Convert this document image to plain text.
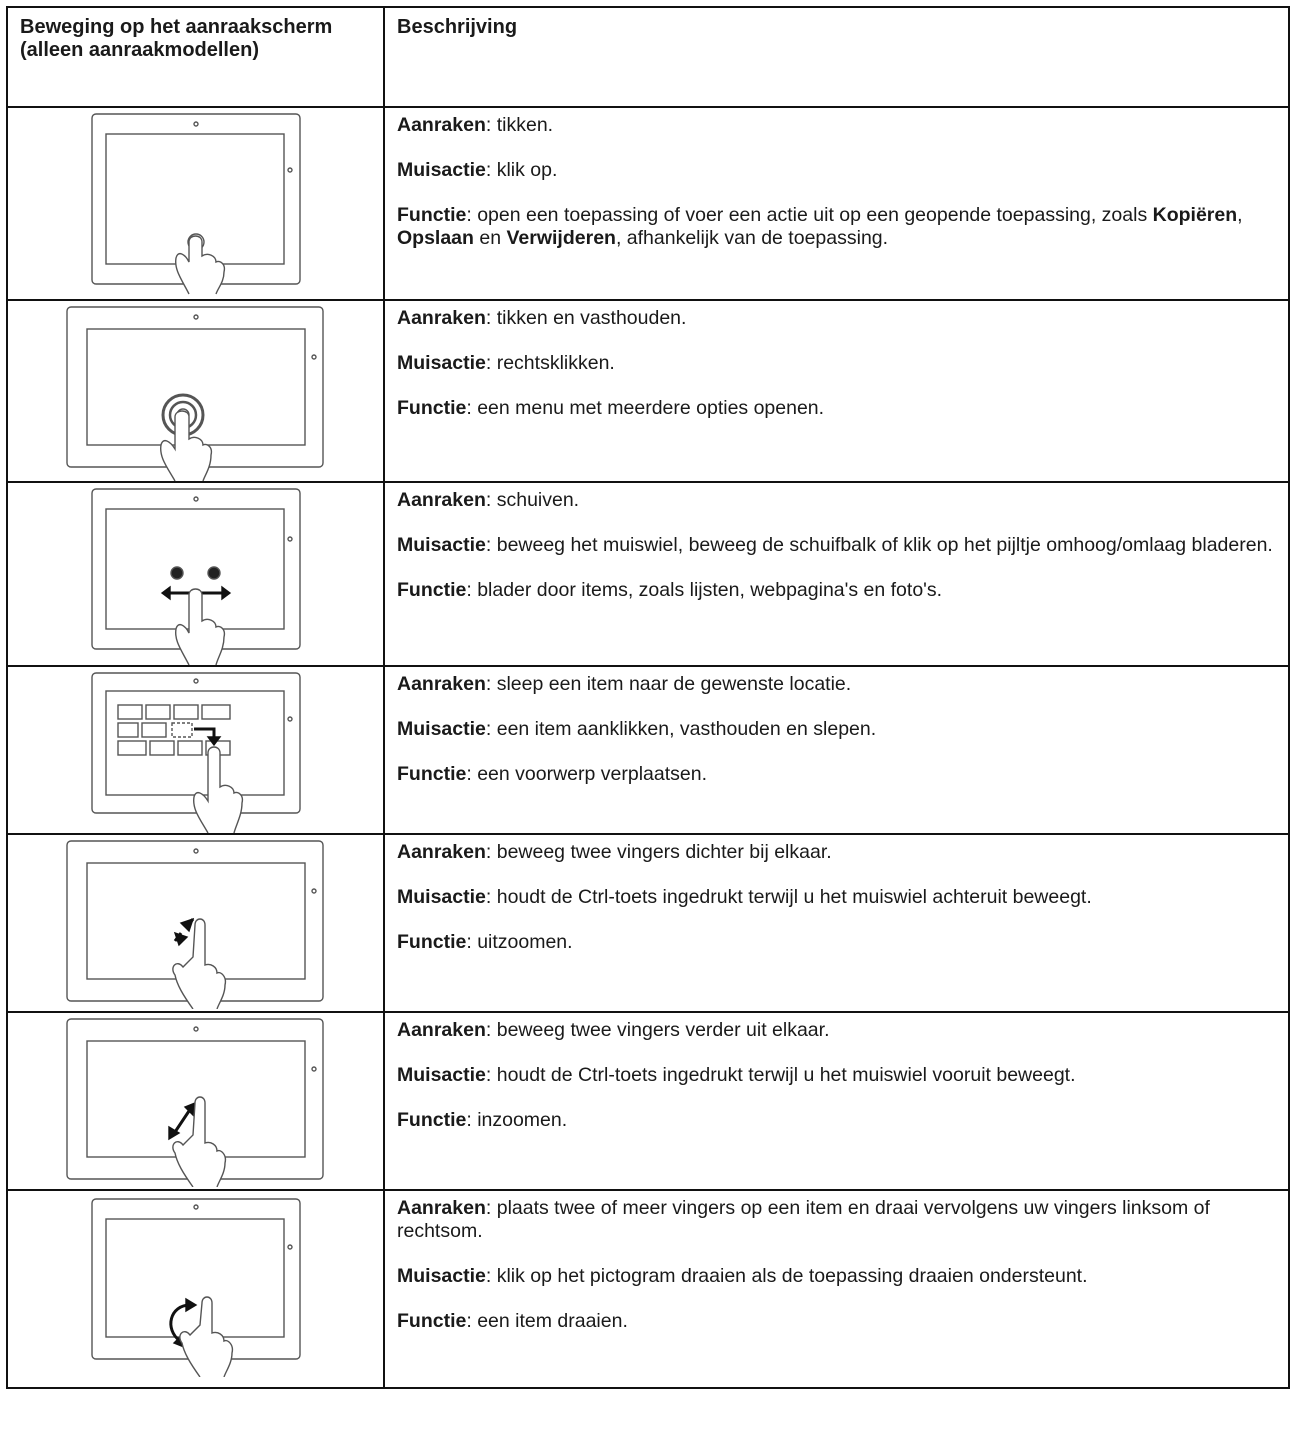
Beweging op het aanraakscherm (alleen aanraakmodellen)	Beschrijving

Aanraken: tikken.

Muisactie: klik op.

Functie: open een toepassing of voer een actie uit op een geopende toepassing, zoals Kopiëren, Opslaan en Verwijderen, afhankelijk van de toepassing.

Aanraken: tikken en vasthouden.

Muisactie: rechtsklikken.

Functie: een menu met meerdere opties openen.

Aanraken: schuiven.

Muisactie: beweeg het muiswiel, beweeg de schuifbalk of klik op het pijltje omhoog/omlaag bladeren.

Functie: blader door items, zoals lijsten, webpagina's en foto's.

Aanraken: sleep een item naar de gewenste locatie.

Muisactie: een item aanklikken, vasthouden en slepen.

Functie: een voorwerp verplaatsen.

Aanraken: beweeg twee vingers dichter bij elkaar.

Muisactie: houdt de Ctrl-toets ingedrukt terwijl u het muiswiel achteruit beweegt.

Functie: uitzoomen.

Aanraken: beweeg twee vingers verder uit elkaar.

Muisactie: houdt de Ctrl-toets ingedrukt terwijl u het muiswiel vooruit beweegt.

Functie: inzoomen.

Aanraken: plaats twee of meer vingers op een item en draai vervolgens uw vingers linksom of rechtsom.

Muisactie: klik op het pictogram draaien als de toepassing draaien ondersteunt.

Functie: een item draaien.
